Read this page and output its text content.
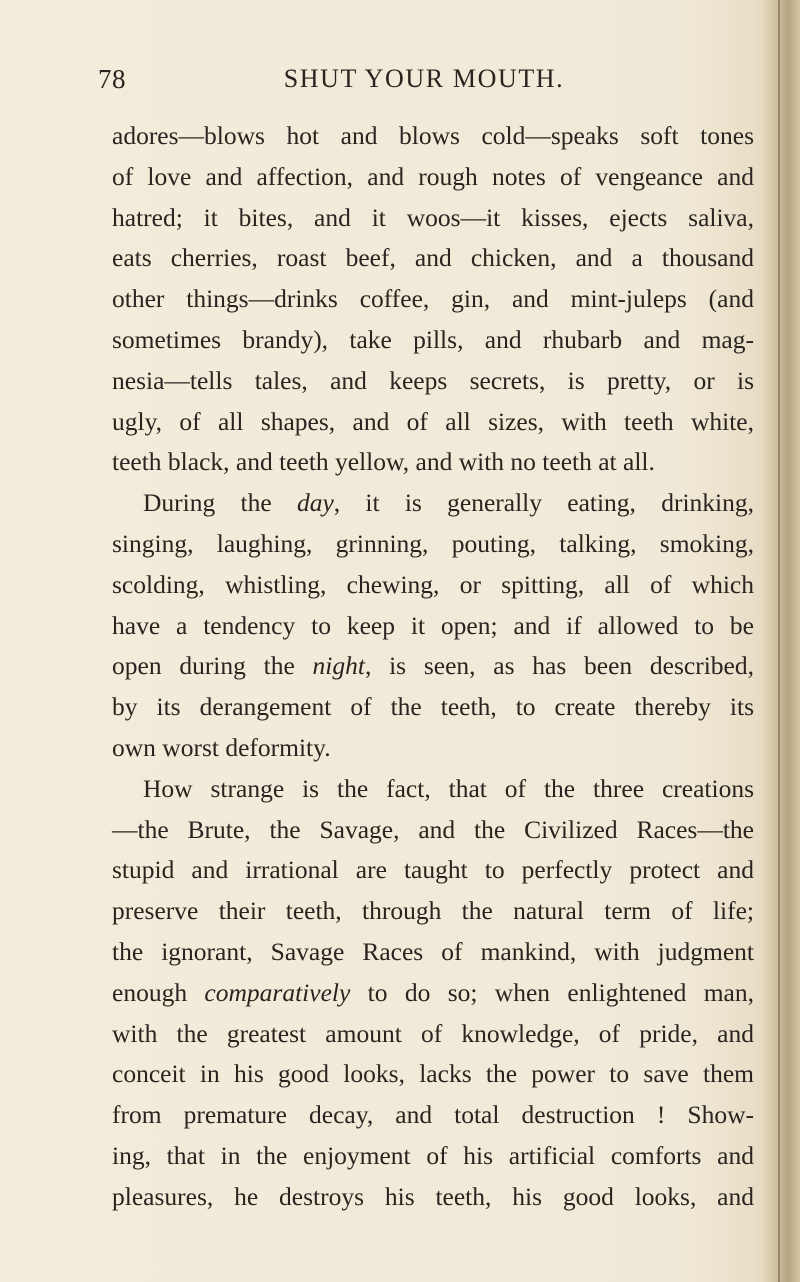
78	SHUT YOUR MOUTH.
adores—blows hot and blows cold—speaks soft tones
of love and affection, and rough notes of vengeance and
hatred; it bites, and it woos—it kisses, ejects saliva,
eats cherries, roast beef, and chicken, and a thousand
other things—drinks coffee, gin, and mint-juleps (and
sometimes brandy), take pills, and rhubarb and mag-
nesia—tells tales, and keeps secrets, is pretty, or is
ugly, of all shapes, and of all sizes, with teeth white,
teeth black, and teeth yellow, and with no teeth at all.
During the day, it is generally eating, drinking,
singing, laughing, grinning, pouting, talking, smoking,
scolding, whistling, chewing, or spitting, all of which
have a tendency to keep it open; and if allowed to be
open during the night, is seen, as has been described,
by its derangement of the teeth, to create thereby its
own worst deformity.
How strange is the fact, that of the three creations
—the Brute, the Savage, and the Civilized Races—the
stupid and irrational are taught to perfectly protect and
preserve their teeth, through the natural term of life;
the ignorant, Savage Races of mankind, with judgment
enough comparatively to do so; when enlightened man,
with the greatest amount of knowledge, of pride, and
conceit in his good looks, lacks the power to save them
from premature decay, and total destruction ! Show-
ing, that in the enjoyment of his artificial comforts and
pleasures, he destroys his teeth, his good looks, and
